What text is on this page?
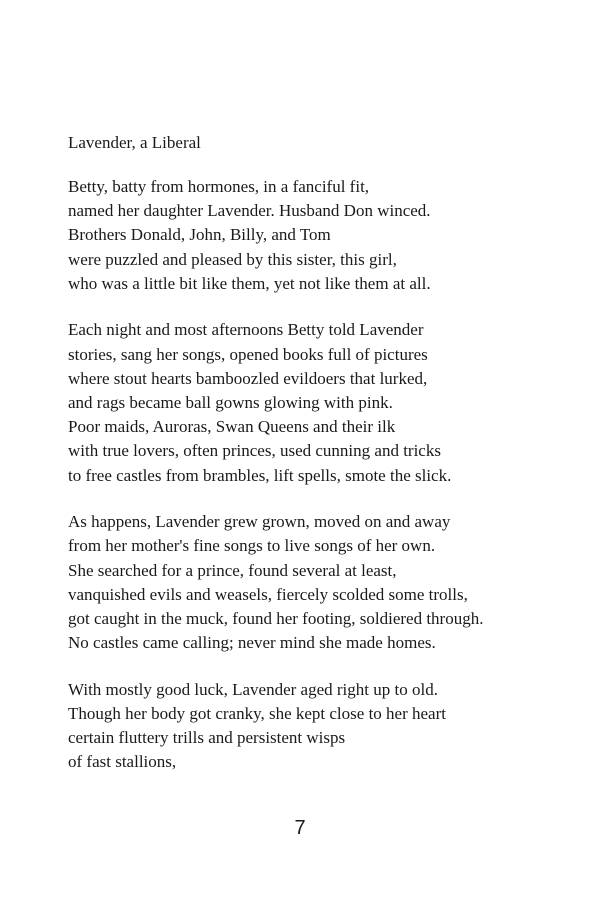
Lavender, a Liberal
Betty, batty from hormones, in a fanciful fit,
named her daughter Lavender. Husband Don winced.
Brothers Donald, John, Billy, and Tom
were puzzled and pleased by this sister, this girl,
who was a little bit like them, yet not like them at all.
Each night and most afternoons Betty told Lavender
stories, sang her songs, opened books full of pictures
where stout hearts bamboozled evildoers that lurked,
and rags became ball gowns glowing with pink.
Poor maids, Auroras, Swan Queens and their ilk
with true lovers, often princes, used cunning and tricks
to free castles from brambles, lift spells, smote the slick.
As happens, Lavender grew grown, moved on and away
from her mother's fine songs to live songs of her own.
She searched for a prince, found several at least,
vanquished evils and weasels, fiercely scolded some trolls,
got caught in the muck, found her footing, soldiered through.
No castles came calling; never mind she made homes.
With mostly good luck, Lavender aged right up to old.
Though her body got cranky, she kept close to her heart
certain fluttery trills and persistent wisps
of fast stallions,
7
